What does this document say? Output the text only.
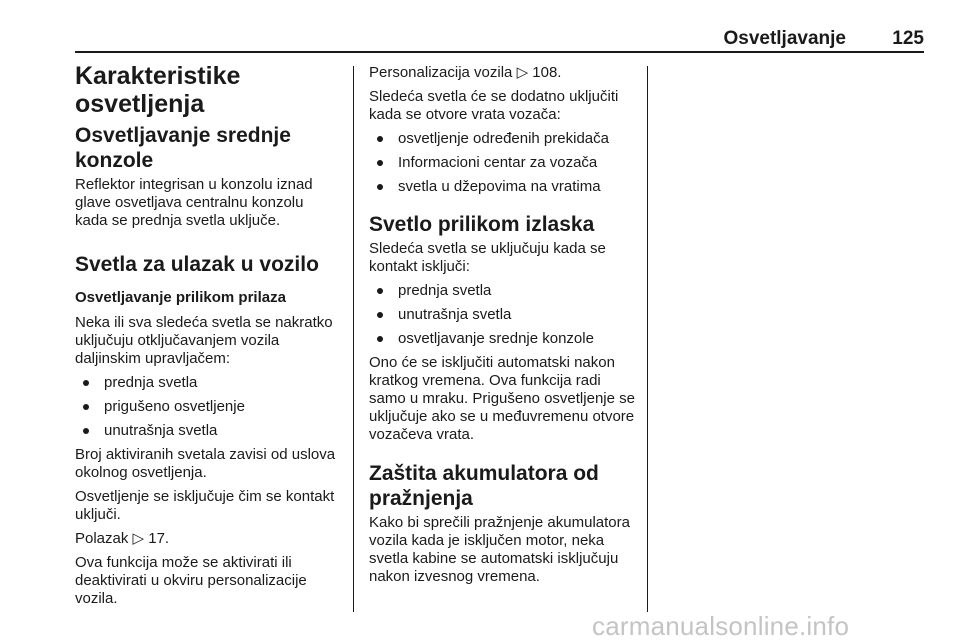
Osvetljavanje 125
Karakteristike osvetljenja
Osvetljavanje srednje konzole

Reflektor integrisan u konzolu iznad glave osvetljava centralnu konzolu kada se prednja svetla uključe.

Svetla za ulazak u vozilo
Osvetljavanje prilikom prilaza

Neka ili sva sledeća svetla se nakratko uključuju otključavanjem vozila daljinskim upravljačem:

prednja svetla
prigušeno osvetljenje
unutrašnja svetla

Broj aktiviranih svetala zavisi od uslova okolnog osvetljenja.

Osvetljenje se isključuje čim se kontakt uključi.

Polazak ▷ 17.

Ova funkcija može se aktivirati ili deaktivirati u okviru personalizacije vozila.

Personalizacija vozila ▷ 108.

Sledeća svetla će se dodatno uključiti kada se otvore vrata vozača:

osvetljenje određenih prekidača
Informacioni centar za vozača
svetla u džepovima na vratima
Svetlo prilikom izlaska

Sledeća svetla se uključuju kada se kontakt isključi:

prednja svetla
unutrašnja svetla
osvetljavanje srednje konzole

Ono će se isključiti automatski nakon kratkog vremena. Ova funkcija radi samo u mraku. Prigušeno osvetljenje se uključuje ako se u međuvremenu otvore vozačeva vrata.

Zaštita akumulatora od pražnjenja

Kako bi sprečili pražnjenje akumulatora vozila kada je isključen motor, neka svetla kabine se automatski isključuju nakon izvesnog vremena.

carmanualsonline.info
